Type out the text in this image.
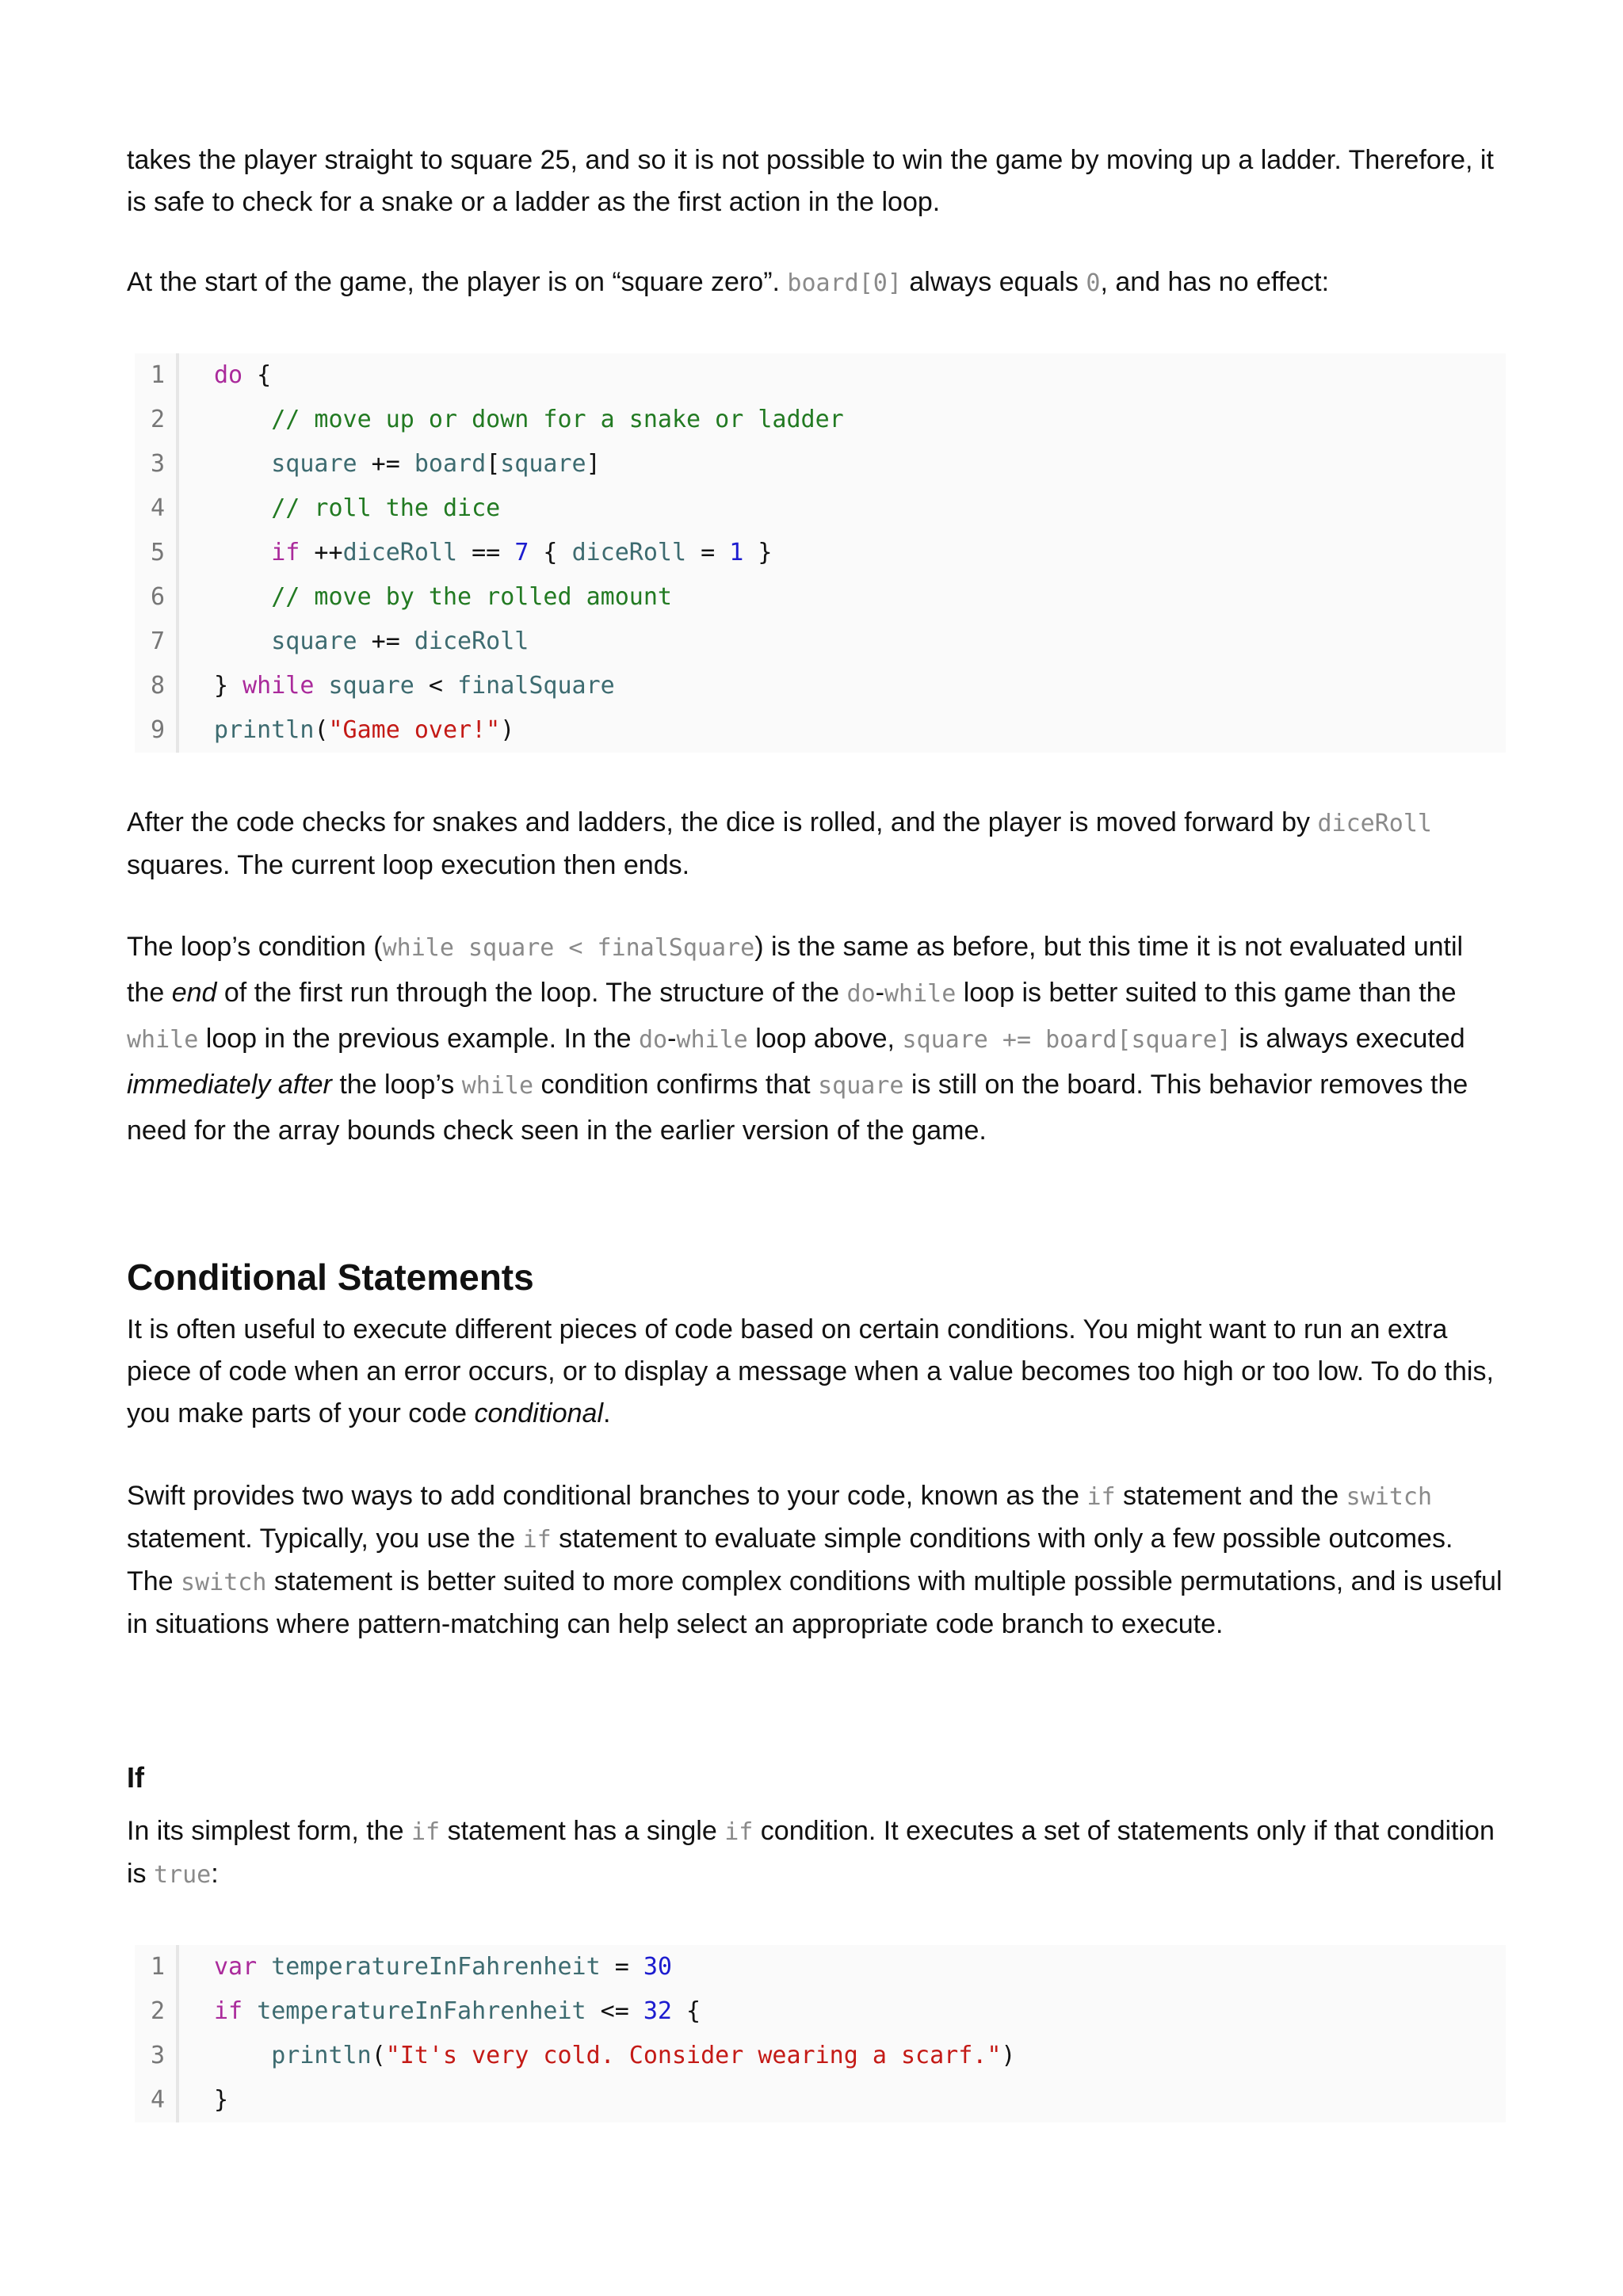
takes the player straight to square 25, and so it is not possible to win the game by moving up a ladder. Therefore, it is safe to check for a snake or a ladder as the first action in the loop.

At the start of the game, the player is on “square zero”. board[0] always equals 0, and has no effect:

1	do {
2	// move up or down for a snake or ladder
3	square += board[square]
4	// roll the dice
5	if ++diceRoll == 7 { diceRoll = 1 }
6	// move by the rolled amount
7	square += diceRoll
8	} while square < finalSquare
9	println("Game over!")

After the code checks for snakes and ladders, the dice is rolled, and the player is moved forward by diceRoll squares. The current loop execution then ends.

The loop’s condition (while square < finalSquare) is the same as before, but this time it is not evaluated until the end of the first run through the loop. The structure of the do-while loop is better suited to this game than the while loop in the previous example. In the do-while loop above, square += board[square] is always executed immediately after the loop’s while condition confirms that square is still on the board. This behavior removes the need for the array bounds check seen in the earlier version of the game.

Conditional Statements

It is often useful to execute different pieces of code based on certain conditions. You might want to run an extra piece of code when an error occurs, or to display a message when a value becomes too high or too low. To do this, you make parts of your code conditional.

Swift provides two ways to add conditional branches to your code, known as the if statement and the switch statement. Typically, you use the if statement to evaluate simple conditions with only a few possible outcomes. The switch statement is better suited to more complex conditions with multiple possible permutations, and is useful in situations where pattern-matching can help select an appropriate code branch to execute.

If

In its simplest form, the if statement has a single if condition. It executes a set of statements only if that condition is true:

1	var temperatureInFahrenheit = 30
2	if temperatureInFahrenheit <= 32 {
3	println("It's very cold. Consider wearing a scarf.")
4	}
